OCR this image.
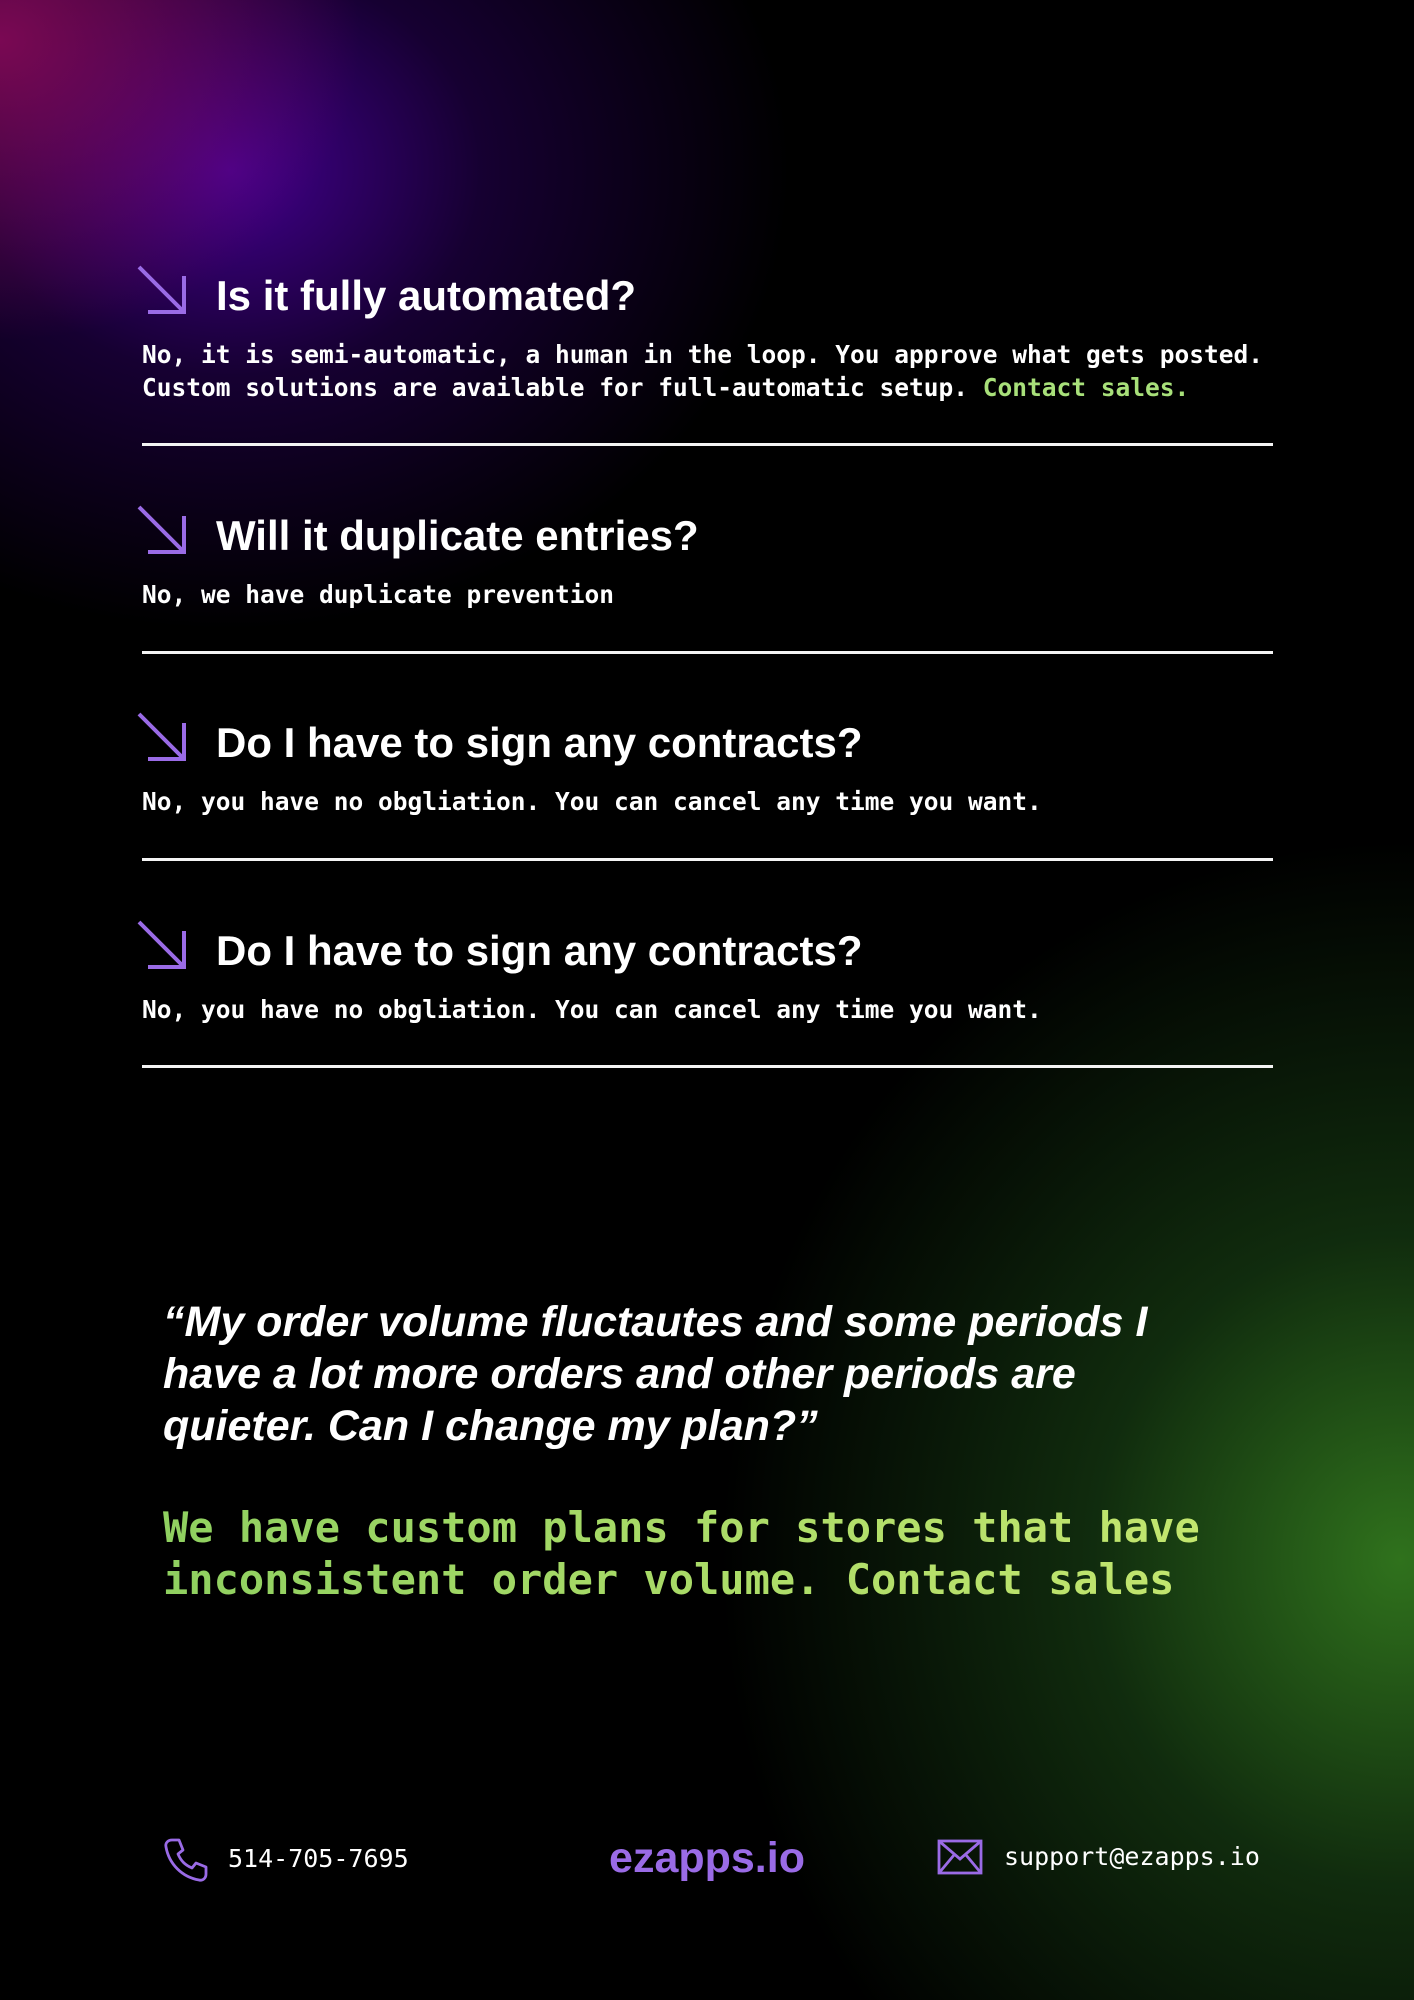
Is it fully automated?
No, it is semi-automatic, a human in the loop. You approve what gets posted.
Custom solutions are available for full-automatic setup. Contact sales.
Will it duplicate entries?
No, we have duplicate prevention
Do I have to sign any contracts?
No, you have no obgliation. You can cancel any time you want.
Do I have to sign any contracts?
No, you have no obgliation. You can cancel any time you want.
“My order volume fluctautes and some periods I
have a lot more orders and other periods are
quieter. Can I change my plan?”
We have custom plans for stores that have
inconsistent order volume. Contact sales
514-705-7695	ezapps.io	support@ezapps.io
